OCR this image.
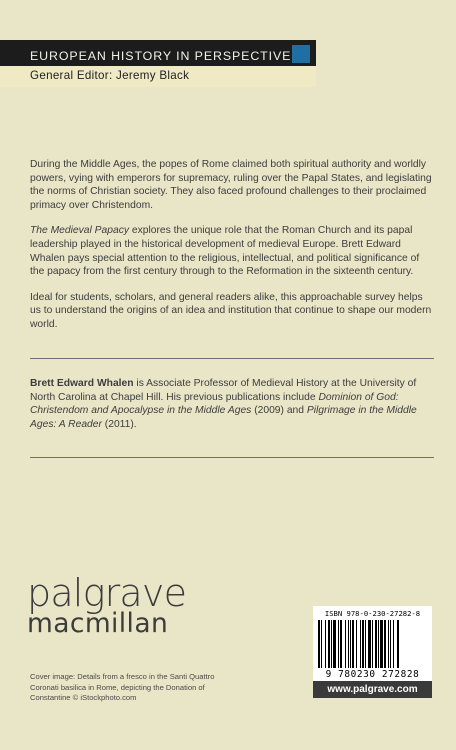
EUROPEAN HISTORY IN PERSPECTIVE
General Editor: Jeremy Black

During the Middle Ages, the popes of Rome claimed both spiritual authority and worldly powers, vying with emperors for supremacy, ruling over the Papal States, and legislating the norms of Christian society. They also faced profound challenges to their proclaimed primacy over Christendom.

The Medieval Papacy explores the unique role that the Roman Church and its papal leadership played in the historical development of medieval Europe. Brett Edward Whalen pays special attention to the religious, intellectual, and political significance of the papacy from the first century through to the Reformation in the sixteenth century.

Ideal for students, scholars, and general readers alike, this approachable survey helps us to understand the origins of an idea and institution that continue to shape our modern world.

Brett Edward Whalen is Associate Professor of Medieval History at the University of North Carolina at Chapel Hill. His previous publications include Dominion of God: Christendom and Apocalypse in the Middle Ages (2009) and Pilgrimage in the Middle Ages: A Reader (2011).

palgrave
macmillan
Cover image: Details from a fresco in the Santi Quattro Coronati basilica in Rome, depicting the Donation of Constantine © iStockphoto.com
ISBN 978-0-230-27282-8
9 780230 272828
www.palgrave.com
